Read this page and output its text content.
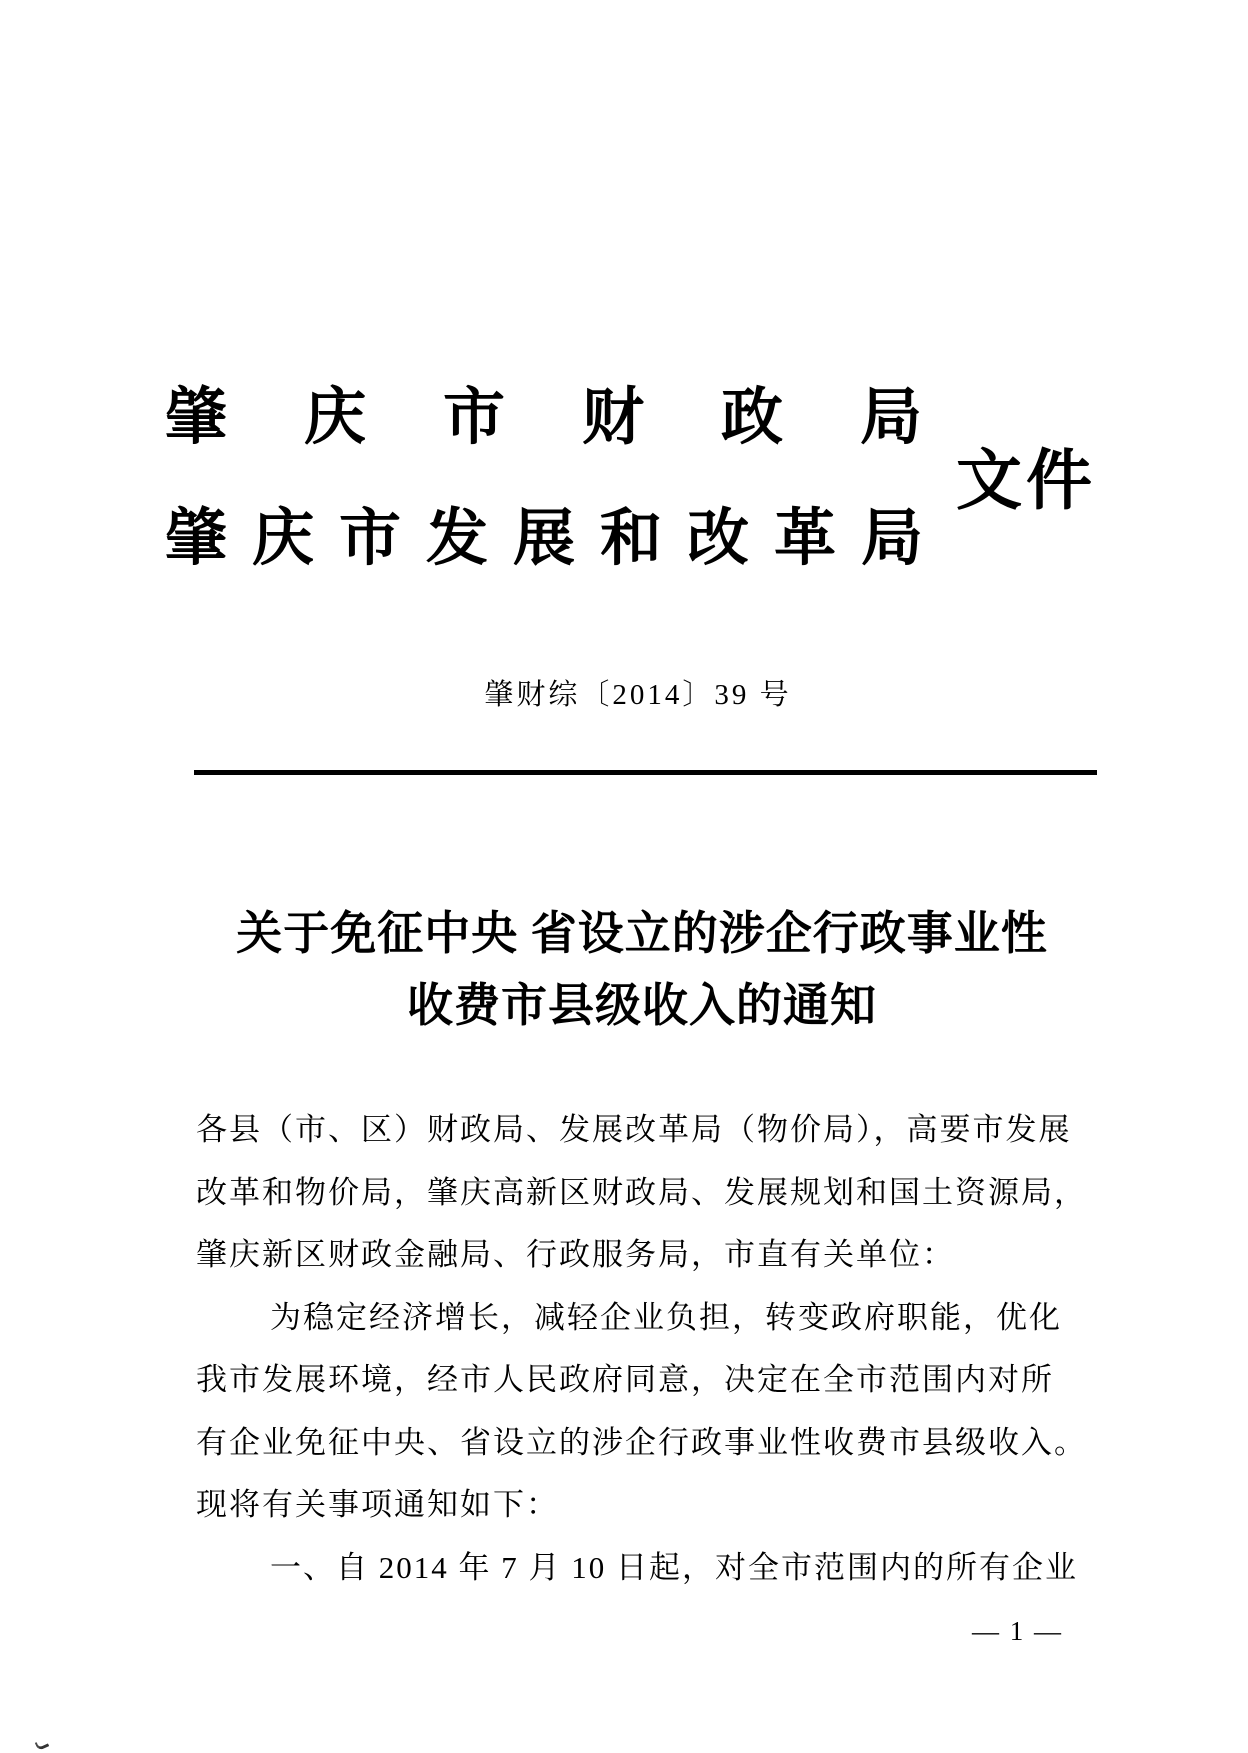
肇庆市财政局
肇庆市发展和改革局
文件
肇财综〔2014〕39 号
关于免征中央 省设立的涉企行政事业性
收费市县级收入的通知
各县（市、区）财政局、发展改革局（物价局），高要市发展
改革和物价局，肇庆高新区财政局、发展规划和国土资源局，
肇庆新区财政金融局、行政服务局，市直有关单位：
为稳定经济增长，减轻企业负担，转变政府职能，优化
我市发展环境，经市人民政府同意，决定在全市范围内对所
有企业免征中央、省设立的涉企行政事业性收费市县级收入。
现将有关事项通知如下：
一、自 2014 年 7 月 10 日起，对全市范围内的所有企业
— 1 —
